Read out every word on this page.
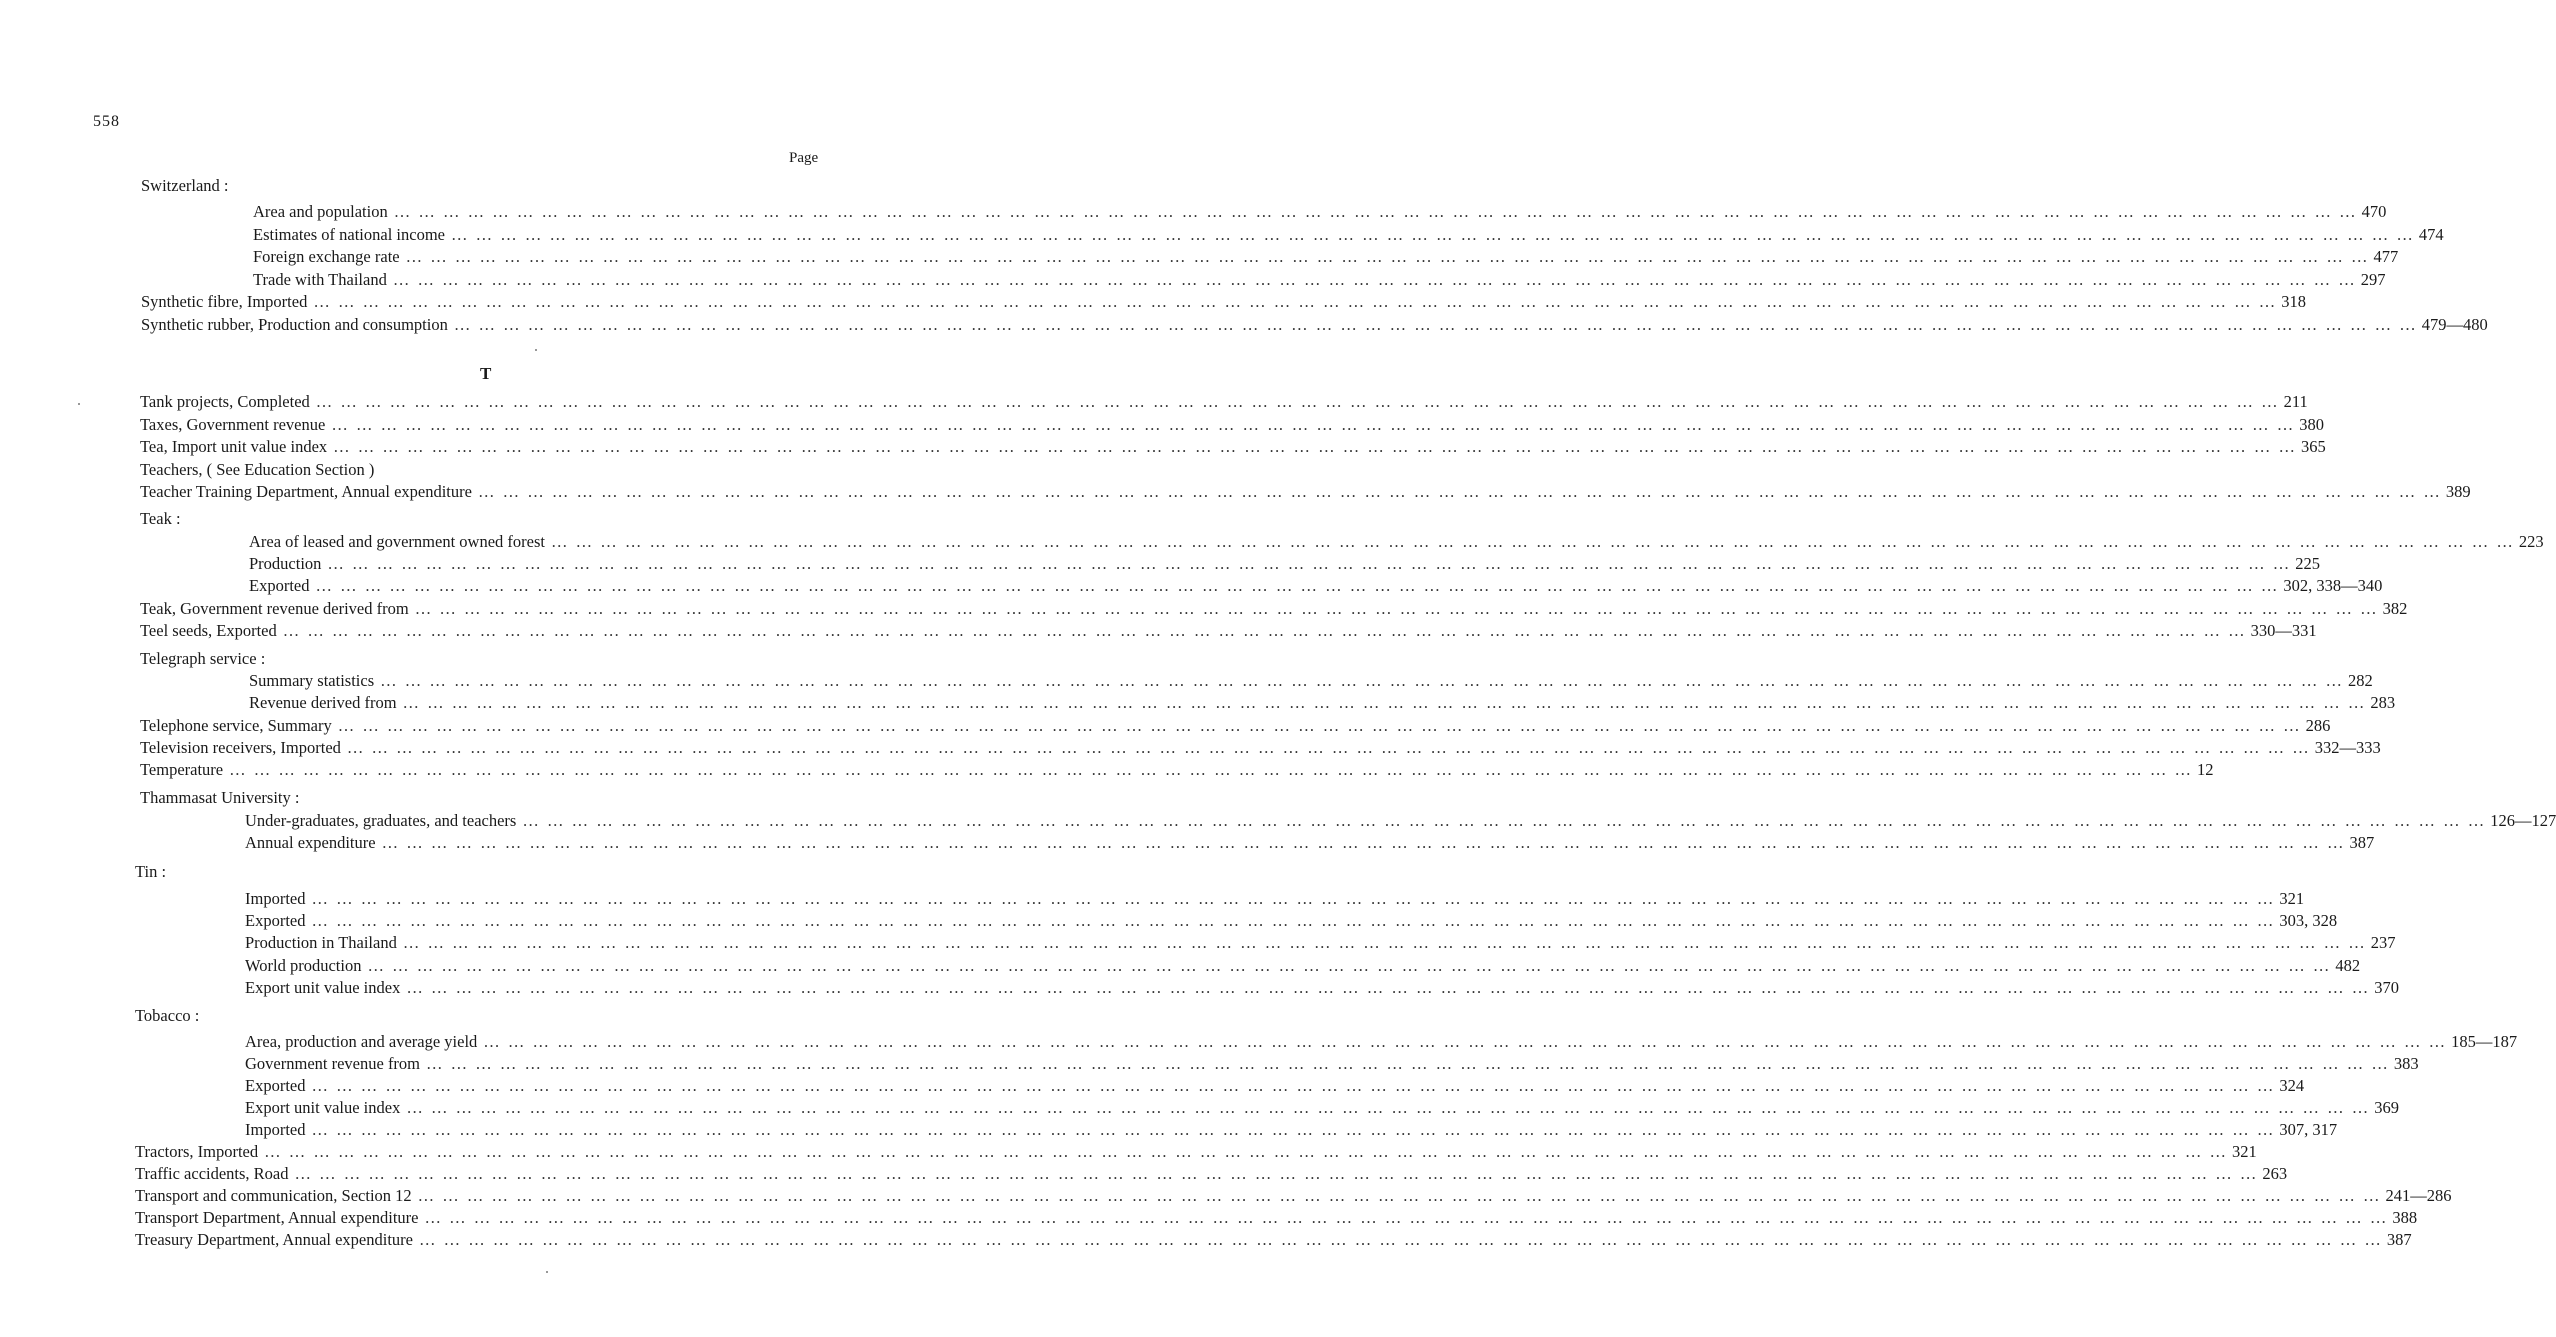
558
Page
T
Switzerland :
Area and population … … … … … … … … … … … … … … … … … … … … … … … … … … … … … … … … … … … … … … … … … … … … … … … … … … … … … … … … … … … … … … … … … … … … … … … … … … … … … … … … 470
Estimates of national income … … … … … … … … … … … … … … … … … … … … … … … … … … … … … … … … … … … … … … … … … … … … … … … … … … … … … … … … … … … … … … … … … … … … … … … … … … … … … … … … 474
Foreign exchange rate … … … … … … … … … … … … … … … … … … … … … … … … … … … … … … … … … … … … … … … … … … … … … … … … … … … … … … … … … … … … … … … … … … … … … … … … … … … … … … … … 477
Trade with Thailand … … … … … … … … … … … … … … … … … … … … … … … … … … … … … … … … … … … … … … … … … … … … … … … … … … … … … … … … … … … … … … … … … … … … … … … … … … … … … … … … 297
Synthetic fibre, Imported … … … … … … … … … … … … … … … … … … … … … … … … … … … … … … … … … … … … … … … … … … … … … … … … … … … … … … … … … … … … … … … … … … … … … … … … … … … … … … … … 318
Synthetic rubber, Production and consumption … … … … … … … … … … … … … … … … … … … … … … … … … … … … … … … … … … … … … … … … … … … … … … … … … … … … … … … … … … … … … … … … … … … … … … … … … … … … … … … … 479—480
Tank projects, Completed … … … … … … … … … … … … … … … … … … … … … … … … … … … … … … … … … … … … … … … … … … … … … … … … … … … … … … … … … … … … … … … … … … … … … … … … … … … … … … … … 211
Taxes, Government revenue … … … … … … … … … … … … … … … … … … … … … … … … … … … … … … … … … … … … … … … … … … … … … … … … … … … … … … … … … … … … … … … … … … … … … … … … … … … … … … … … 380
Tea, Import unit value index … … … … … … … … … … … … … … … … … … … … … … … … … … … … … … … … … … … … … … … … … … … … … … … … … … … … … … … … … … … … … … … … … … … … … … … … … … … … … … … … 365
Teachers, ( See Education Section )
Teacher Training Department, Annual expenditure … … … … … … … … … … … … … … … … … … … … … … … … … … … … … … … … … … … … … … … … … … … … … … … … … … … … … … … … … … … … … … … … … … … … … … … … … … … … … … … … 389
Teak :
Area of leased and government owned forest … … … … … … … … … … … … … … … … … … … … … … … … … … … … … … … … … … … … … … … … … … … … … … … … … … … … … … … … … … … … … … … … … … … … … … … … … … … … … … … … 223
Production … … … … … … … … … … … … … … … … … … … … … … … … … … … … … … … … … … … … … … … … … … … … … … … … … … … … … … … … … … … … … … … … … … … … … … … … … … … … … … … … 225
Exported … … … … … … … … … … … … … … … … … … … … … … … … … … … … … … … … … … … … … … … … … … … … … … … … … … … … … … … … … … … … … … … … … … … … … … … … … … … … … … … … 302, 338—340
Teak, Government revenue derived from … … … … … … … … … … … … … … … … … … … … … … … … … … … … … … … … … … … … … … … … … … … … … … … … … … … … … … … … … … … … … … … … … … … … … … … … … … … … … … … … 382
Teel seeds, Exported … … … … … … … … … … … … … … … … … … … … … … … … … … … … … … … … … … … … … … … … … … … … … … … … … … … … … … … … … … … … … … … … … … … … … … … … … … … … … … … … 330—331
Telegraph service :
Summary statistics … … … … … … … … … … … … … … … … … … … … … … … … … … … … … … … … … … … … … … … … … … … … … … … … … … … … … … … … … … … … … … … … … … … … … … … … … … … … … … … … 282
Revenue derived from … … … … … … … … … … … … … … … … … … … … … … … … … … … … … … … … … … … … … … … … … … … … … … … … … … … … … … … … … … … … … … … … … … … … … … … … … … … … … … … … 283
Telephone service, Summary … … … … … … … … … … … … … … … … … … … … … … … … … … … … … … … … … … … … … … … … … … … … … … … … … … … … … … … … … … … … … … … … … … … … … … … … … … … … … … … … 286
Television receivers, Imported … … … … … … … … … … … … … … … … … … … … … … … … … … … … … … … … … … … … … … … … … … … … … … … … … … … … … … … … … … … … … … … … … … … … … … … … … … … … … … … … 332—333
Temperature … … … … … … … … … … … … … … … … … … … … … … … … … … … … … … … … … … … … … … … … … … … … … … … … … … … … … … … … … … … … … … … … … … … … … … … … … … … … … … … … 12
Thammasat University :
Under-graduates, graduates, and teachers … … … … … … … … … … … … … … … … … … … … … … … … … … … … … … … … … … … … … … … … … … … … … … … … … … … … … … … … … … … … … … … … … … … … … … … … … … … … … … … … 126—127
Annual expenditure … … … … … … … … … … … … … … … … … … … … … … … … … … … … … … … … … … … … … … … … … … … … … … … … … … … … … … … … … … … … … … … … … … … … … … … … … … … … … … … … 387
Tin :
Imported … … … … … … … … … … … … … … … … … … … … … … … … … … … … … … … … … … … … … … … … … … … … … … … … … … … … … … … … … … … … … … … … … … … … … … … … … … … … … … … … 321
Exported … … … … … … … … … … … … … … … … … … … … … … … … … … … … … … … … … … … … … … … … … … … … … … … … … … … … … … … … … … … … … … … … … … … … … … … … … … … … … … … … 303, 328
Production in Thailand … … … … … … … … … … … … … … … … … … … … … … … … … … … … … … … … … … … … … … … … … … … … … … … … … … … … … … … … … … … … … … … … … … … … … … … … … … … … … … … … 237
World production … … … … … … … … … … … … … … … … … … … … … … … … … … … … … … … … … … … … … … … … … … … … … … … … … … … … … … … … … … … … … … … … … … … … … … … … … … … … … … … … 482
Export unit value index … … … … … … … … … … … … … … … … … … … … … … … … … … … … … … … … … … … … … … … … … … … … … … … … … … … … … … … … … … … … … … … … … … … … … … … … … … … … … … … … 370
Tobacco :
Area, production and average yield … … … … … … … … … … … … … … … … … … … … … … … … … … … … … … … … … … … … … … … … … … … … … … … … … … … … … … … … … … … … … … … … … … … … … … … … … … … … … … … … 185—187
Government revenue from … … … … … … … … … … … … … … … … … … … … … … … … … … … … … … … … … … … … … … … … … … … … … … … … … … … … … … … … … … … … … … … … … … … … … … … … … … … … … … … … 383
Exported … … … … … … … … … … … … … … … … … … … … … … … … … … … … … … … … … … … … … … … … … … … … … … … … … … … … … … … … … … … … … … … … … … … … … … … … … … … … … … … … 324
Export unit value index … … … … … … … … … … … … … … … … … … … … … … … … … … … … … … … … … … … … … … … … … … … … … … … … … … … … … … … … … … … … … … … … … … … … … … … … … … … … … … … … 369
Imported … … … … … … … … … … … … … … … … … … … … … … … … … … … … … … … … … … … … … … … … … … … … … … … … … … … … … … … … … … … … … … … … … … … … … … … … … … … … … … … … 307, 317
Tractors, Imported … … … … … … … … … … … … … … … … … … … … … … … … … … … … … … … … … … … … … … … … … … … … … … … … … … … … … … … … … … … … … … … … … … … … … … … … … … … … … … … … 321
Traffic accidents, Road … … … … … … … … … … … … … … … … … … … … … … … … … … … … … … … … … … … … … … … … … … … … … … … … … … … … … … … … … … … … … … … … … … … … … … … … … … … … … … … … 263
Transport and communication, Section 12 … … … … … … … … … … … … … … … … … … … … … … … … … … … … … … … … … … … … … … … … … … … … … … … … … … … … … … … … … … … … … … … … … … … … … … … … … … … … … … … … 241—286
Transport Department, Annual expenditure … … … … … … … … … … … … … … … … … … … … … … … … … … … … … … … … … … … … … … … … … … … … … … … … … … … … … … … … … … … … … … … … … … … … … … … … … … … … … … … … 388
Treasury Department, Annual expenditure … … … … … … … … … … … … … … … … … … … … … … … … … … … … … … … … … … … … … … … … … … … … … … … … … … … … … … … … … … … … … … … … … … … … … … … … … … … … … … … … 387
